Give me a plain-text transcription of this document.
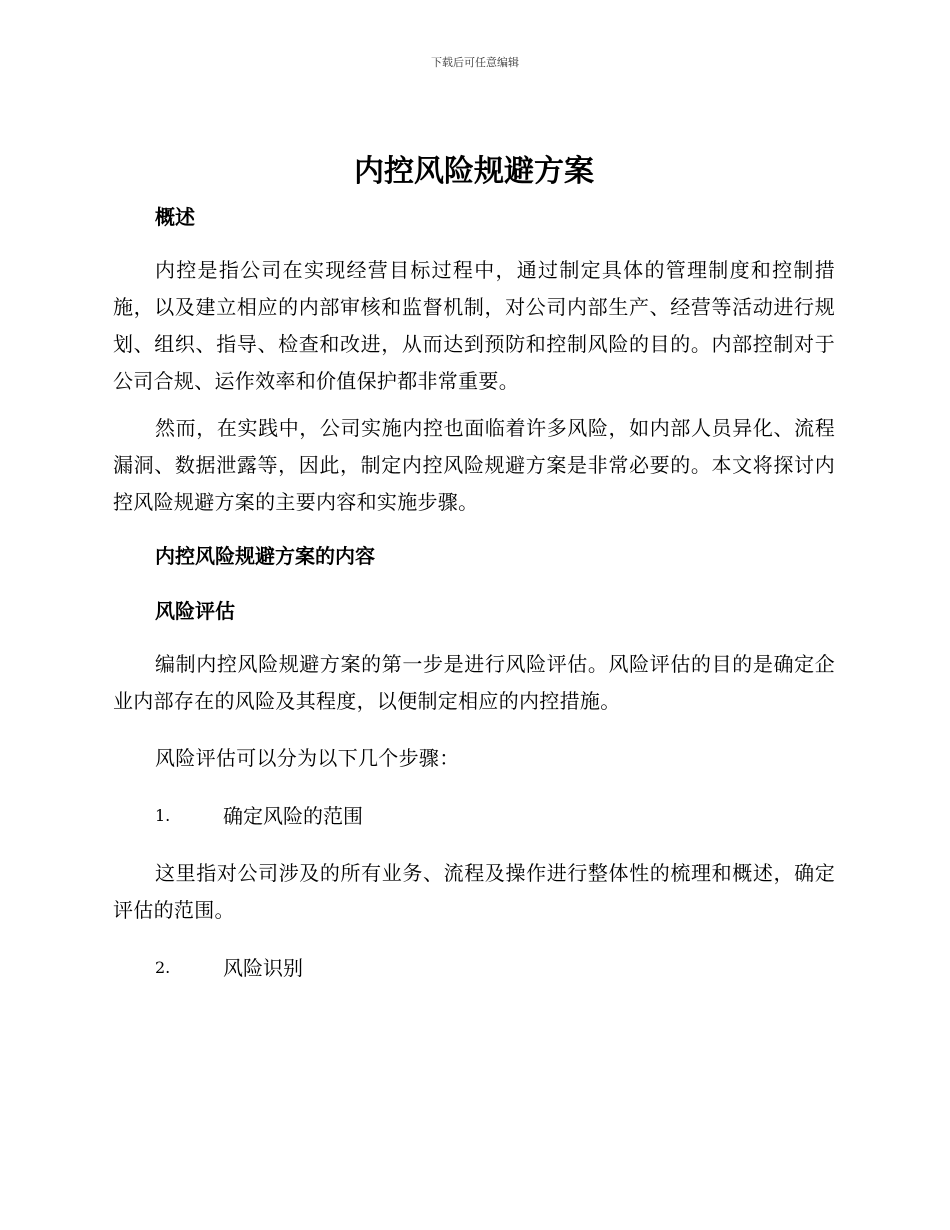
下载后可任意编辑
内控风险规避方案

概述

内控是指公司在实现经营目标过程中，通过制定具体的管理制度和控制措施，以及建立相应的内部审核和监督机制，对公司内部生产、经营等活动进行规划、组织、指导、检查和改进，从而达到预防和控制风险的目的。内部控制对于公司合规、运作效率和价值保护都非常重要。

然而，在实践中，公司实施内控也面临着许多风险，如内部人员异化、流程漏洞、数据泄露等，因此，制定内控风险规避方案是非常必要的。本文将探讨内控风险规避方案的主要内容和实施步骤。

内控风险规避方案的内容

风险评估

编制内控风险规避方案的第一步是进行风险评估。风险评估的目的是确定企业内部存在的风险及其程度，以便制定相应的内控措施。

风险评估可以分为以下几个步骤：

1.	确定风险的范围

这里指对公司涉及的所有业务、流程及操作进行整体性的梳理和概述，确定评估的范围。

2.	风险识别
